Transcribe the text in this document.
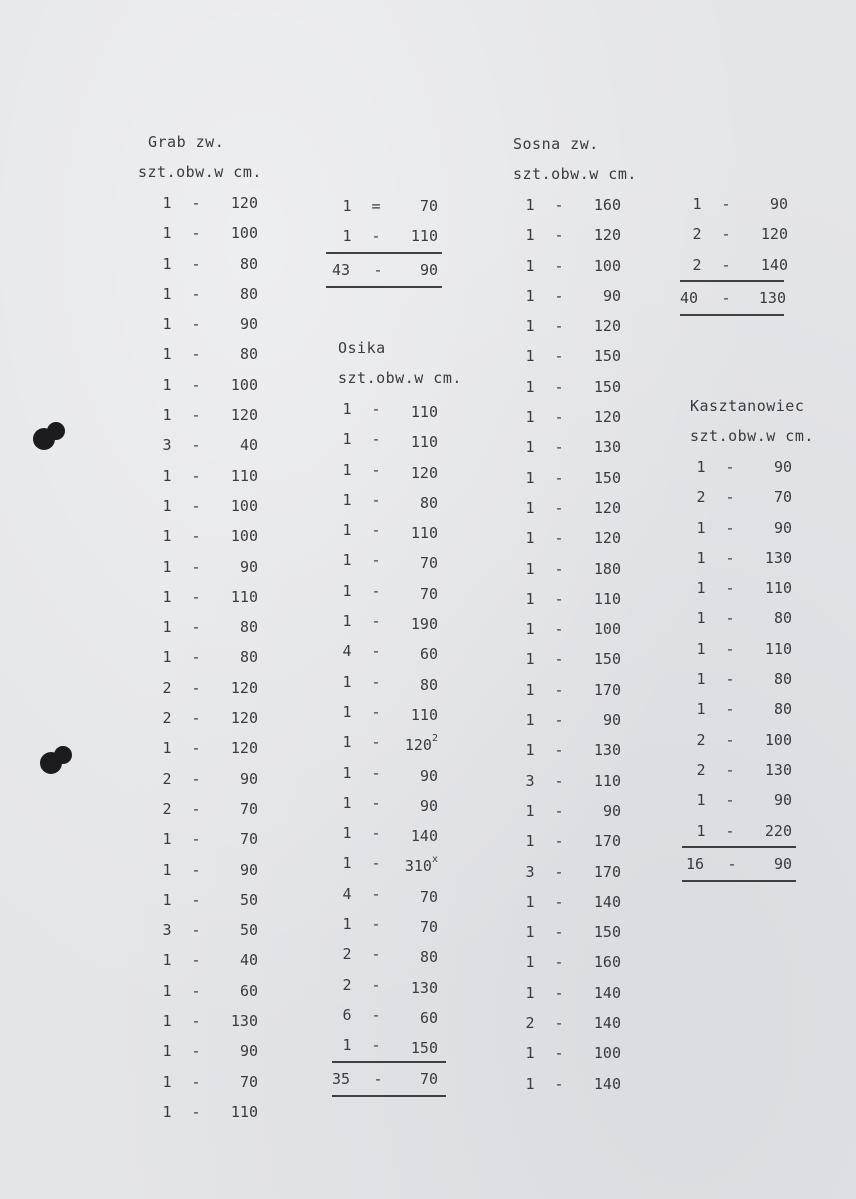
Grab zw.
szt.obw.w cm.
1	-	120
1	-	100
1	-	80
1	-	80
1	-	90
1	-	80
1	-	100
1	-	120
3	-	40
1	-	110
1	-	100
1	-	100
1	-	90
1	-	110
1	-	80
1	-	80
2	-	120
2	-	120
1	-	120
2	-	90
2	-	70
1	-	70
1	-	90
1	-	50
3	-	50
1	-	40
1	-	60
1	-	130
1	-	90
1	-	70
1	-	110
1	=	70
1	-	110
43	-	90
Osika
szt.obw.w cm.
1	-	110
1	-	110
1	-	120
1	-	80
1	-	110
1	-	70
1	-	70
1	-	190
4	-	60
1	-	80
1	-	110
1	-	$120^2$
1	-	90
1	-	90
1	-	140
1	-	310$^x$
4	-	70
1	-	70
2	-	80
2	-	130
6	-	60
1	-	150
35	-	70
Sosna zw.
szt.obw.w cm.
1	-	160
1	-	120
1	-	100
1	-	90
1	-	120
1	-	150
1	-	150
1	-	120
1	-	130
1	-	150
1	-	120
1	-	120
1	-	180
1	-	110
1	-	100
1	-	150
1	-	170
1	-	90
1	-	130
3	-	110
1	-	90
1	-	170
3	-	170
1	-	140
1	-	150
1	-	160
1	-	140
2	-	140
1	-	100
1	-	140
1	-	90
2	-	120
2	-	140
40	-	130
Kasztanowiec
szt.obw.w cm.
1	-	90
2	-	70
1	-	90
1	-	130
1	-	110
1	-	80
1	-	110
1	-	80
1	-	80
2	-	100
2	-	130
1	-	90
1	-	220
16	-	90
